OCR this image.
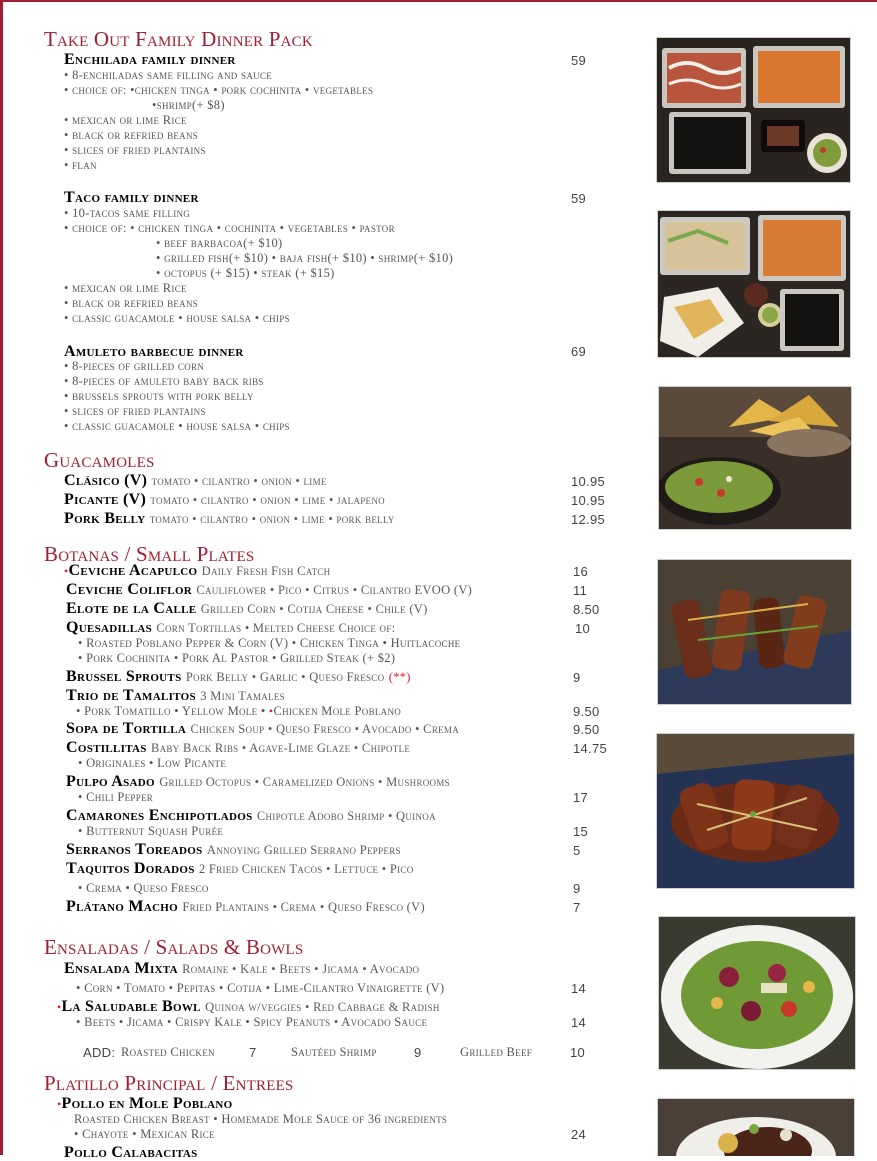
Take Out Family Dinner Pack
Enchilada family dinner	59
• 8-enchiladas same filling and sauce
• choice of: •chicken tinga • pork cochinita • vegetables
•shrimp(+ $8)
• mexican or lime Rice
• black or refried beans
• slices of fried plantains
• flan
Taco family dinner	59
• 10-tacos same filling
• choice of: • chicken tinga • cochinita • vegetables • pastor
• beef barbacoa(+ $10)
• grilled fish(+ $10) • baja fish(+ $10) • shrimp(+ $10)
• octopus (+ $15) • steak (+ $15)
• mexican or lime Rice
• black or refried beans
• classic guacamole • house salsa • chips
Amuleto barbecue dinner	69
• 8-pieces of grilled corn
• 8-pieces of amuleto baby back ribs
• brussels sprouts with pork belly
• slices of fried plantains
• classic guacamole • house salsa • chips
Guacamoles
Clásico (V) tomato • cilantro • onion • lime	10.95
Picante (V) tomato • cilantro • onion • lime • jalapeno	10.95
Pork Belly tomato • cilantro • onion • lime • pork belly	12.95
Botanas / Small Plates
•Ceviche Acapulco Daily Fresh Fish Catch	16
Ceviche Coliflor Cauliflower • Pico • Citrus • Cilantro EVOO (V)	11
Elote de la Calle Grilled Corn • Cotija Cheese • Chile (V)	8.50
Quesadillas Corn Tortillas • Melted Cheese Choice of:	10
• Roasted Poblano Pepper & Corn (V) • Chicken Tinga • Huitlacoche
• Pork Cochinita • Pork Al Pastor • Grilled Steak (+ $2)
Brussel Sprouts Pork Belly • Garlic • Queso Fresco (**)	9
Trio de Tamalitos 3 Mini Tamales
• Pork Tomatillo • Yellow Mole • •Chicken Mole Poblano	9.50
Sopa de Tortilla Chicken Soup • Queso Fresco • Avocado • Crema	9.50
Costillitas Baby Back Ribs • Agave-Lime Glaze • Chipotle	14.75
• Originales • Low Picante
Pulpo Asado Grilled Octopus • Caramelized Onions • Mushrooms
• Chili Pepper	17
Camarones Enchipotlados Chipotle Adobo Shrimp • Quinoa
• Butternut Squash Purée	15
Serranos Toreados Annoying Grilled Serrano Peppers	5
Taquitos Dorados 2 Fried Chicken Tacos • Lettuce • Pico
• Crema • Queso Fresco	9
Plátano Macho Fried Plantains • Crema • Queso Fresco (V)	7
Ensaladas / Salads & Bowls
Ensalada Mixta Romaine • Kale • Beets • Jicama • Avocado
• Corn • Tomato • Pepitas • Cotija • Lime-Cilantro Vinaigrette (V)	14
•La Saludable Bowl Quinoa w/veggies • Red Cabbage & Radish
• Beets • Jicama • Crispy Kale • Spicy Peanuts • Avocado Sauce	14
ADD: Roasted Chicken	7	Sautéed Shrimp	9	Grilled Beef	10
Platillo Principal / Entrees
•Pollo en Mole Poblano
Roasted Chicken Breast • Homemade Mole Sauce of 36 ingredients
• Chayote • Mexican Rice	24
Pollo Calabacitas
